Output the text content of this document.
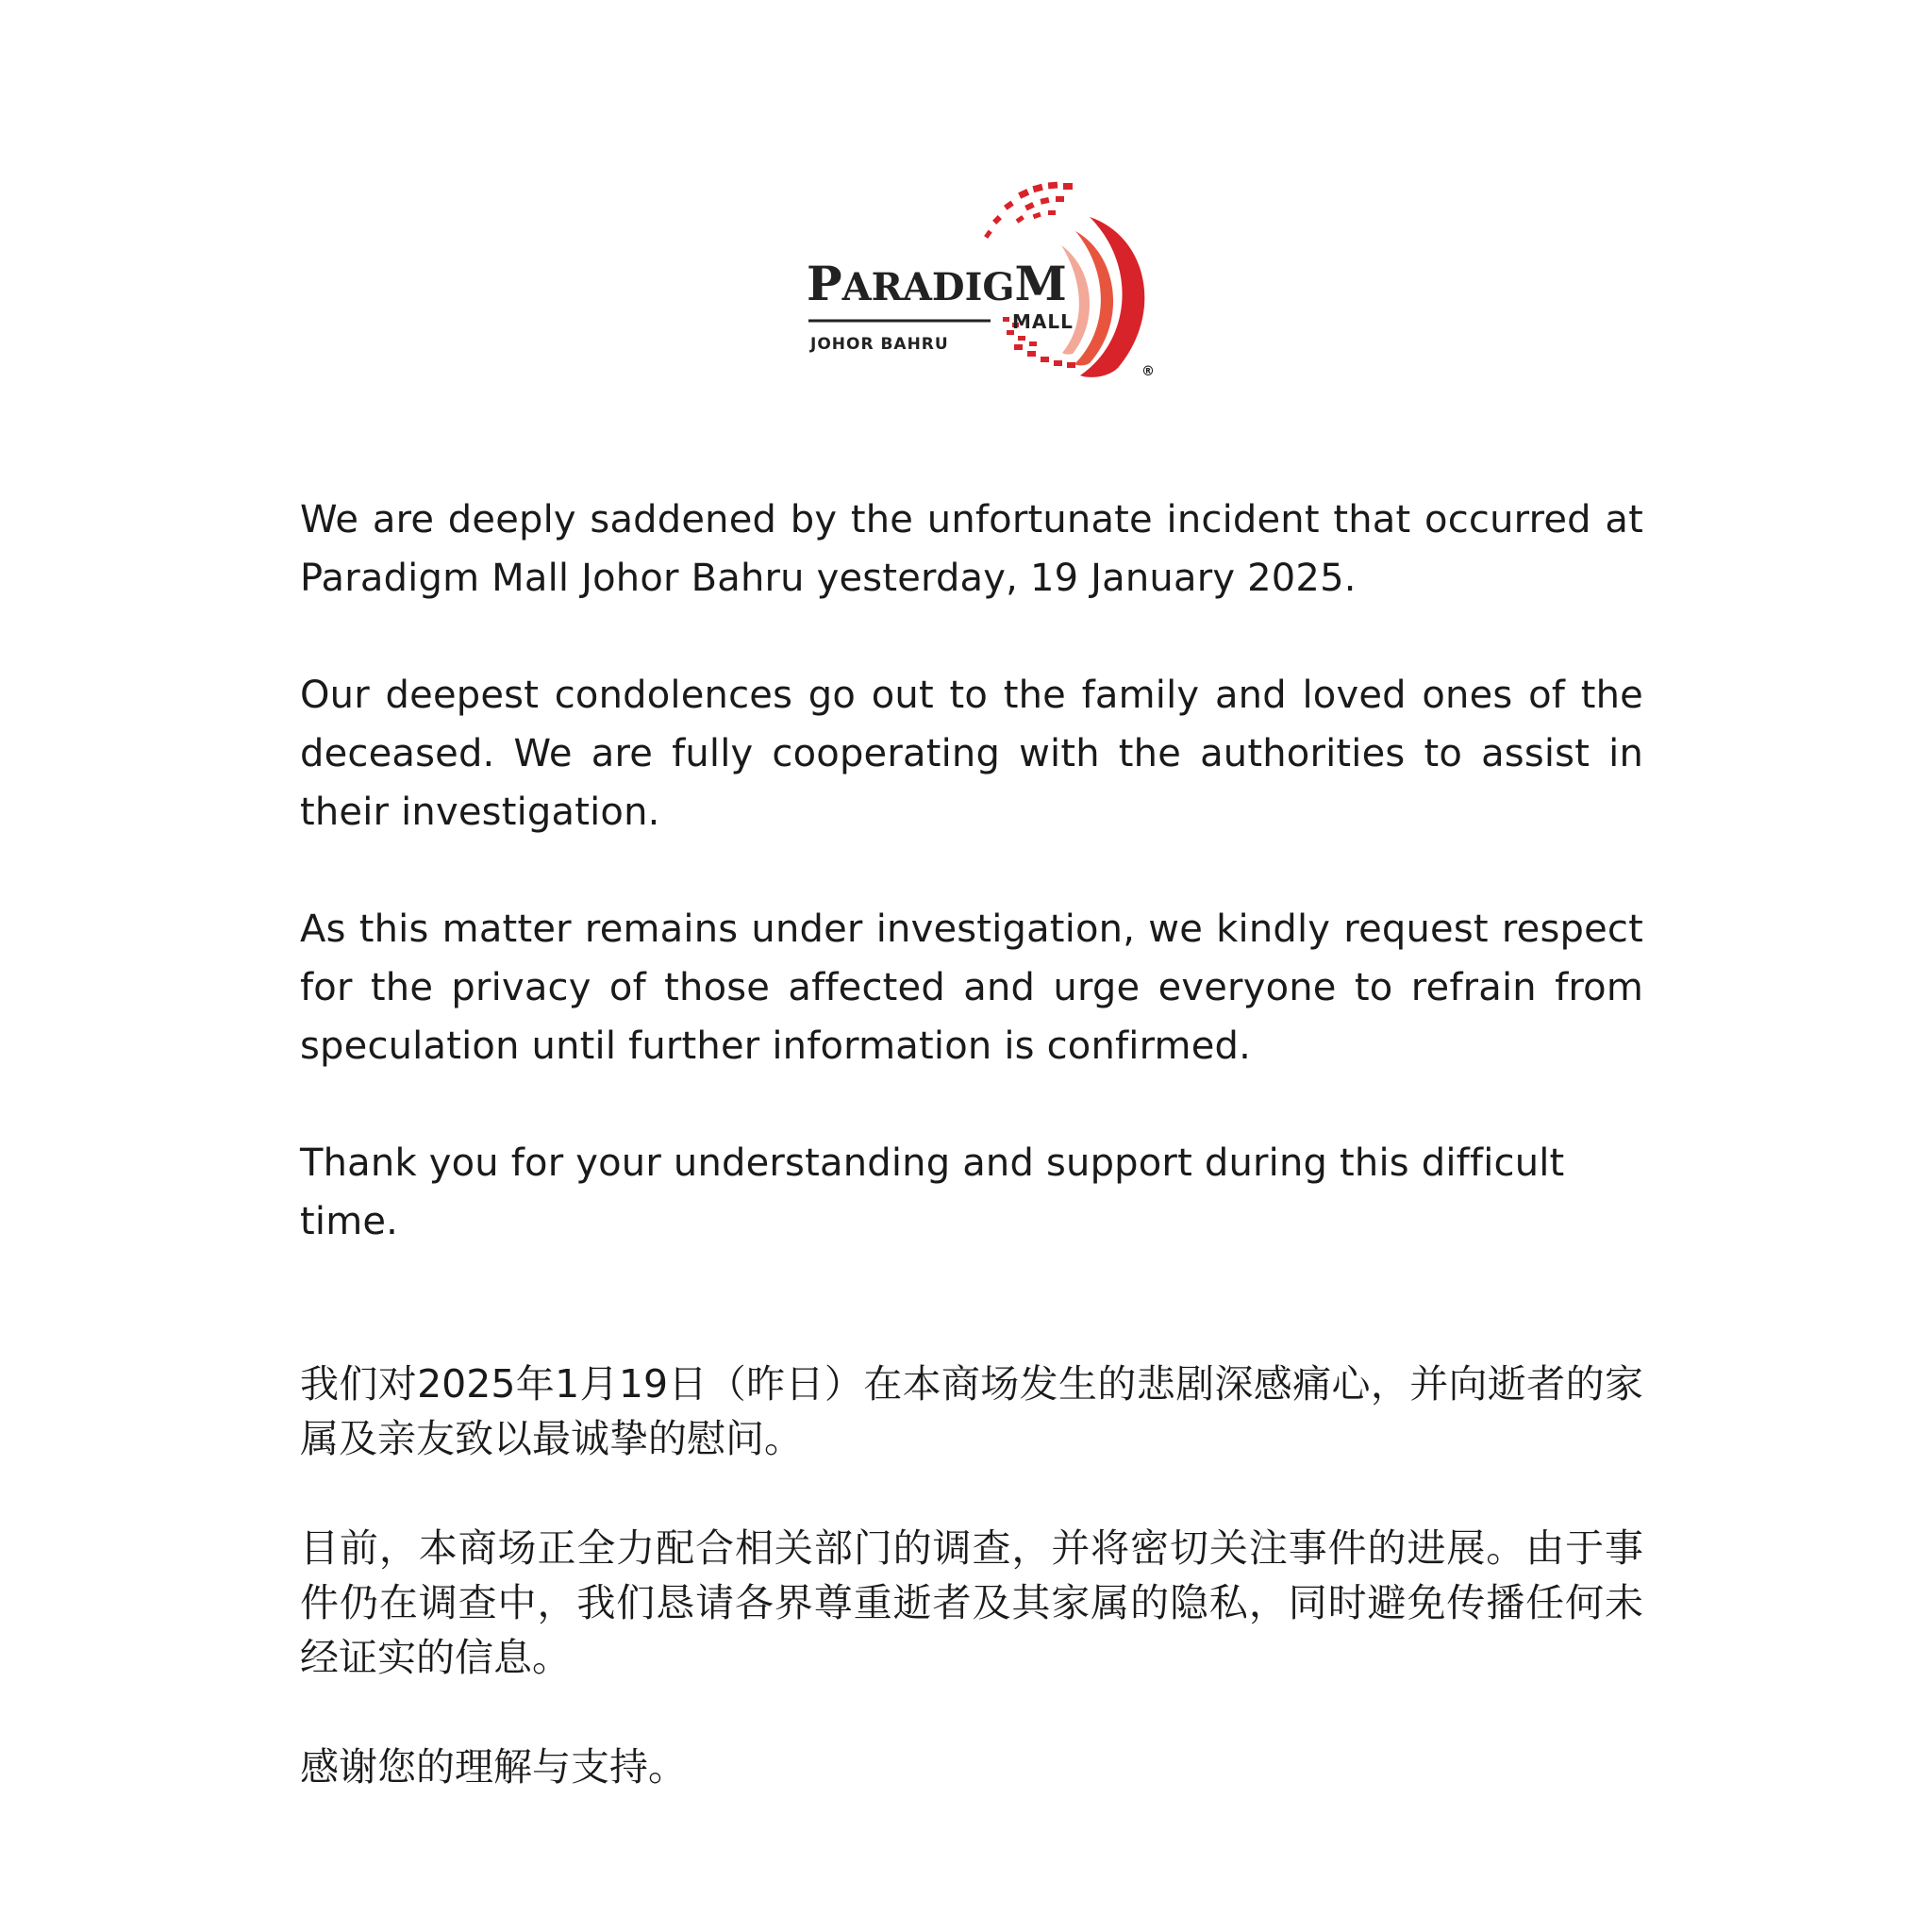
PARADIGM
MALL
JOHOR BAHRU
®

We are deeply saddened by the unfortunate incident that occurred at Paradigm Mall Johor Bahru yesterday, 19 January 2025.

Our deepest condolences go out to the family and loved ones of the deceased. We are fully cooperating with the authorities to assist in their investigation.

As this matter remains under investigation, we kindly request respect for the privacy of those affected and urge everyone to refrain from speculation until further information is confirmed.

Thank you for your understanding and support during this difficult time.

我们对2025年1月19日（昨日）在本商场发生的悲剧深感痛心，并向逝者的家属及亲友致以最诚挚的慰问。

目前，本商场正全力配合相关部门的调查，并将密切关注事件的进展。由于事件仍在调查中，我们恳请各界尊重逝者及其家属的隐私，同时避免传播任何未经证实的信息。

感谢您的理解与支持。
